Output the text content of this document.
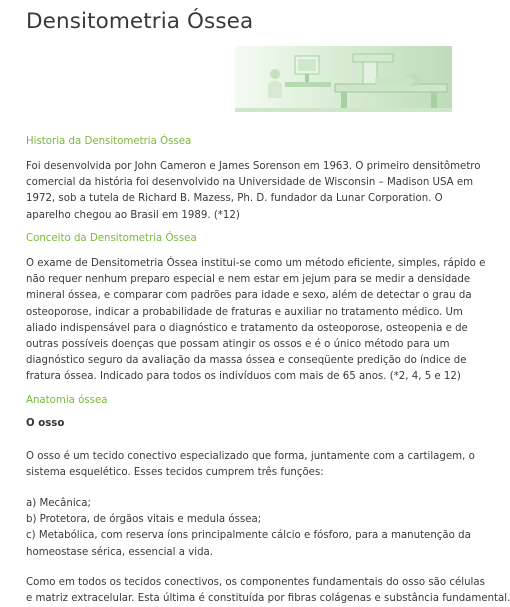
Densitometria Óssea
Historia da Densitometria Óssea
Foi desenvolvida por John Cameron e James Sorenson em 1963. O primeiro densitômetro
comercial da história foi desenvolvido na Universidade de Wisconsin – Madison USA em
1972, sob a tutela de Richard B. Mazess, Ph. D. fundador da Lunar Corporation. O
aparelho chegou ao Brasil em 1989. (*12)
Conceito da Densitometria Óssea
O exame de Densitometria Óssea institui-se como um método eficiente, simples, rápido e
não requer nenhum preparo especial e nem estar em jejum para se medir a densidade
mineral óssea, e comparar com padrões para idade e sexo, além de detectar o grau da
osteoporose, indicar a probabilidade de fraturas e auxiliar no tratamento médico. Um
aliado indispensável para o diagnóstico e tratamento da osteoporose, osteopenia e de
outras possíveis doenças que possam atingir os ossos e é o único método para um
diagnóstico seguro da avaliação da massa óssea e conseqüente predição do índice de
fratura óssea. Indicado para todos os indivíduos com mais de 65 anos. (*2, 4, 5 e 12)
Anatomia óssea
O osso
O osso é um tecido conectivo especializado que forma, juntamente com a cartilagem, o
sistema esquelético. Esses tecidos cumprem três funções:
a) Mecânica;
b) Protetora, de órgãos vitais e medula óssea;
c) Metabólica, com reserva íons principalmente cálcio e fósforo, para a manutenção da
homeostase sérica, essencial a vida.
Como em todos os tecidos conectivos, os componentes fundamentais do osso são células
e matriz extracelular. Esta última é constituída por fibras colágenas e substância fundamental.
